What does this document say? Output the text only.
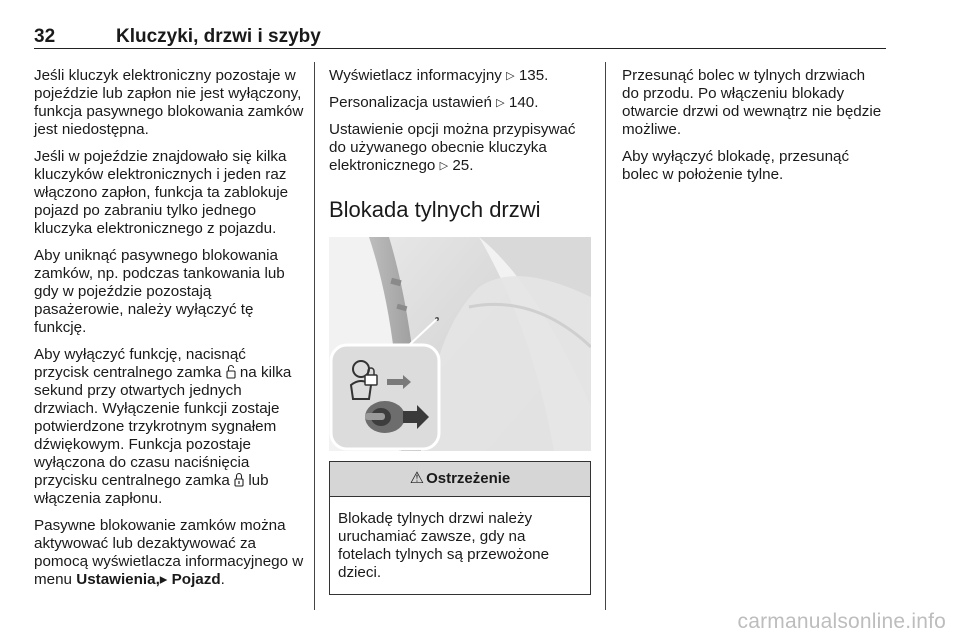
32	Kluczyki, drzwi i szyby

Jeśli kluczyk elektroniczny pozostaje w pojeździe lub zapłon nie jest wyłączony, funkcja pasywnego blokowania zamków jest niedostępna.

Jeśli w pojeździe znajdowało się kilka kluczyków elektronicznych i jeden raz włączono zapłon, funkcja ta zablokuje pojazd po zabraniu tylko jednego kluczyka elektronicznego z pojazdu.

Aby uniknąć pasywnego blokowania zamków, np. podczas tankowania lub gdy w pojeździe pozostają pasażerowie, należy wyłączyć tę funkcję.

Aby wyłączyć funkcję, nacisnąć przycisk centralnego zamka na kilka sekund przy otwartych jednych drzwiach. Wyłączenie funkcji zostaje potwierdzone trzykrotnym sygnałem dźwiękowym. Funkcja pozostaje wyłączona do czasu naciśnięcia przycisku centralnego zamka lub włączenia zapłonu.

Pasywne blokowanie zamków można aktywować lub dezaktywować za pomocą wyświetlacza informacyjnego w menu Ustawienia,▸ Pojazd.

Wyświetlacz informacyjny ▷ 135.

Personalizacja ustawień ▷ 140.

Ustawienie opcji można przypisywać do używanego obecnie kluczyka elektronicznego ▷ 25.

Blokada tylnych drzwi
⚠ Ostrzeżenie
Blokadę tylnych drzwi należy uruchamiać zawsze, gdy na fotelach tylnych są przewożone dzieci.

Przesunąć bolec w tylnych drzwiach do przodu. Po włączeniu blokady otwarcie drzwi od wewnątrz nie będzie możliwe.

Aby wyłączyć blokadę, przesunąć bolec w położenie tylne.

carmanualsonline.info
